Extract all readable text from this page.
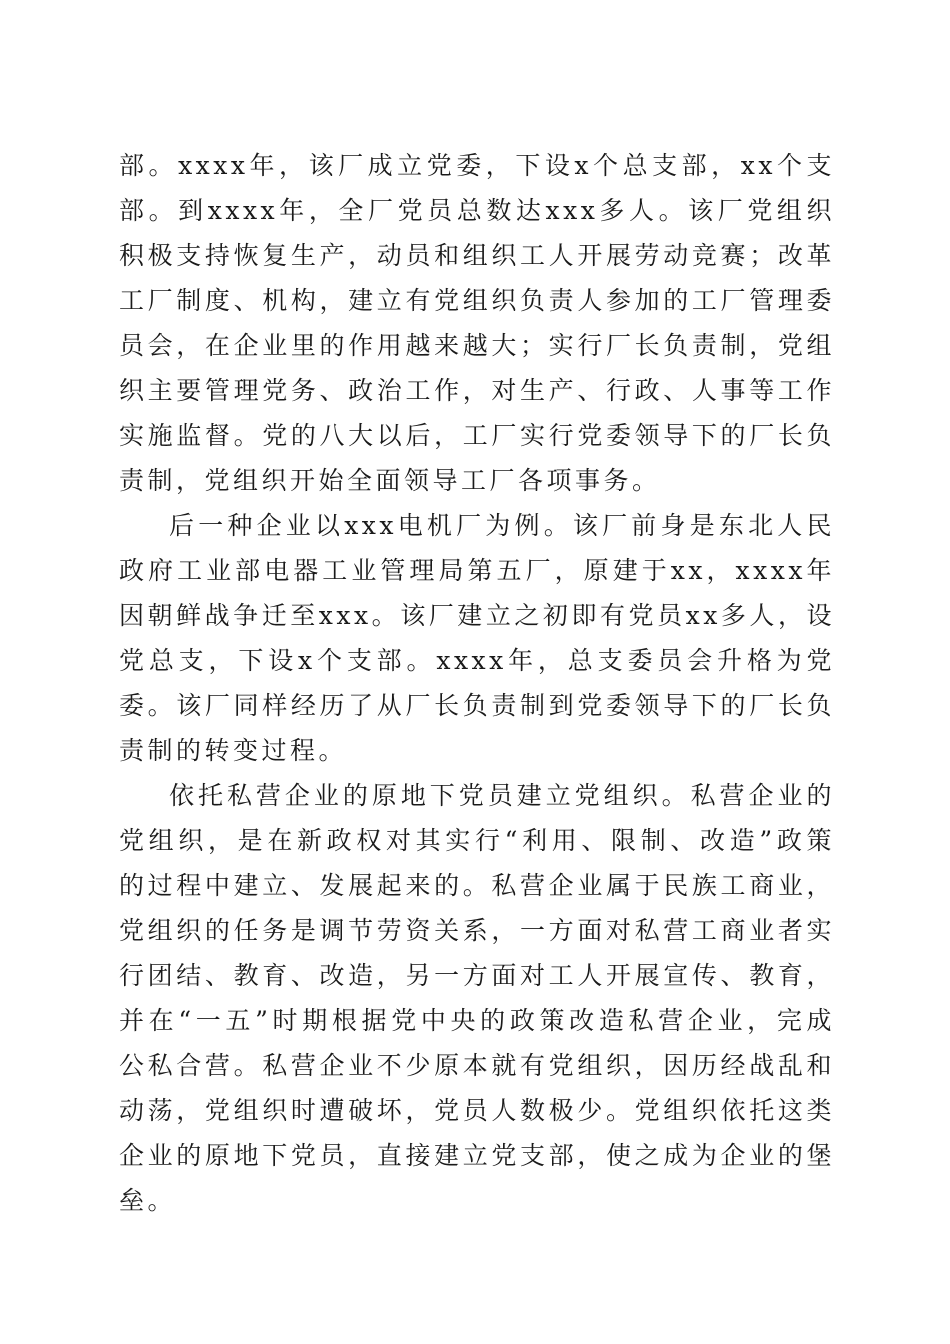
部。xxxx年，该厂成立党委，下设x个总支部，xx个支部。到xxxx年，全厂党员总数达xxx多人。该厂党组织积极支持恢复生产，动员和组织工人开展劳动竞赛；改革工厂制度、机构，建立有党组织负责人参加的工厂管理委员会，在企业里的作用越来越大；实行厂长负责制，党组织主要管理党务、政治工作，对生产、行政、人事等工作实施监督。党的八大以后，工厂实行党委领导下的厂长负责制，党组织开始全面领导工厂各项事务。

后一种企业以xxx电机厂为例。该厂前身是东北人民政府工业部电器工业管理局第五厂，原建于xx，xxxx年因朝鲜战争迁至xxx。该厂建立之初即有党员xx多人，设党总支，下设x个支部。xxxx年，总支委员会升格为党委。该厂同样经历了从厂长负责制到党委领导下的厂长负责制的转变过程。

依托私营企业的原地下党员建立党组织。私营企业的党组织，是在新政权对其实行“利用、限制、改造”政策的过程中建立、发展起来的。私营企业属于民族工商业，党组织的任务是调节劳资关系，一方面对私营工商业者实行团结、教育、改造，另一方面对工人开展宣传、教育，并在“一五”时期根据党中央的政策改造私营企业，完成公私合营。私营企业不少原本就有党组织，因历经战乱和动荡，党组织时遭破坏，党员人数极少。党组织依托这类企业的原地下党员，直接建立党支部，使之成为企业的堡垒。
